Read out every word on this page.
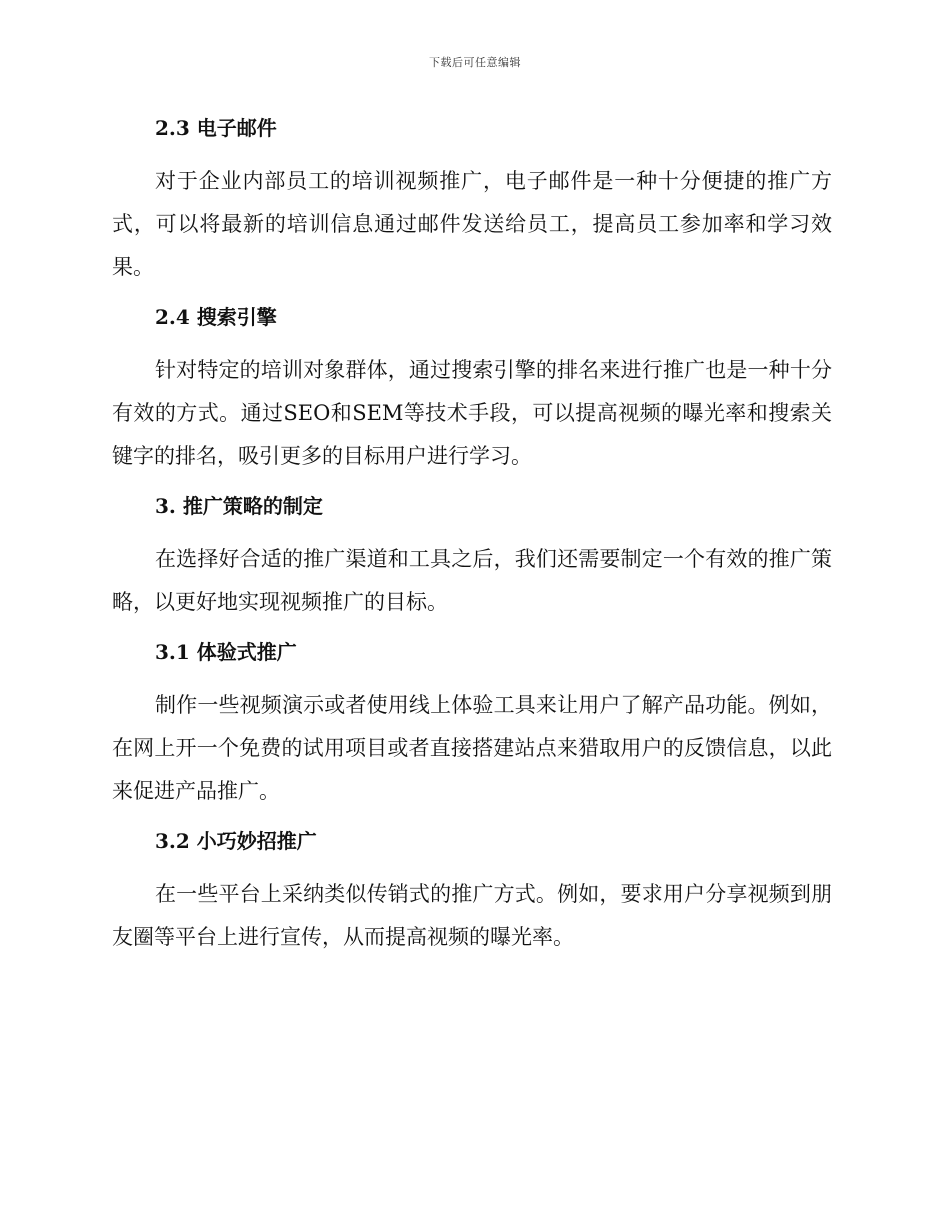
下载后可任意编辑
2.3 电子邮件

对于企业内部员工的培训视频推广，电子邮件是一种十分便捷的推广方式，可以将最新的培训信息通过邮件发送给员工，提高员工参加率和学习效果。

2.4 搜索引擎

针对特定的培训对象群体，通过搜索引擎的排名来进行推广也是一种十分有效的方式。通过SEO和SEM等技术手段，可以提高视频的曝光率和搜索关键字的排名，吸引更多的目标用户进行学习。

3. 推广策略的制定

在选择好合适的推广渠道和工具之后，我们还需要制定一个有效的推广策略，以更好地实现视频推广的目标。

3.1 体验式推广

制作一些视频演示或者使用线上体验工具来让用户了解产品功能。例如，在网上开一个免费的试用项目或者直接搭建站点来猎取用户的反馈信息，以此来促进产品推广。

3.2 小巧妙招推广

在一些平台上采纳类似传销式的推广方式。例如，要求用户分享视频到朋友圈等平台上进行宣传，从而提高视频的曝光率。
